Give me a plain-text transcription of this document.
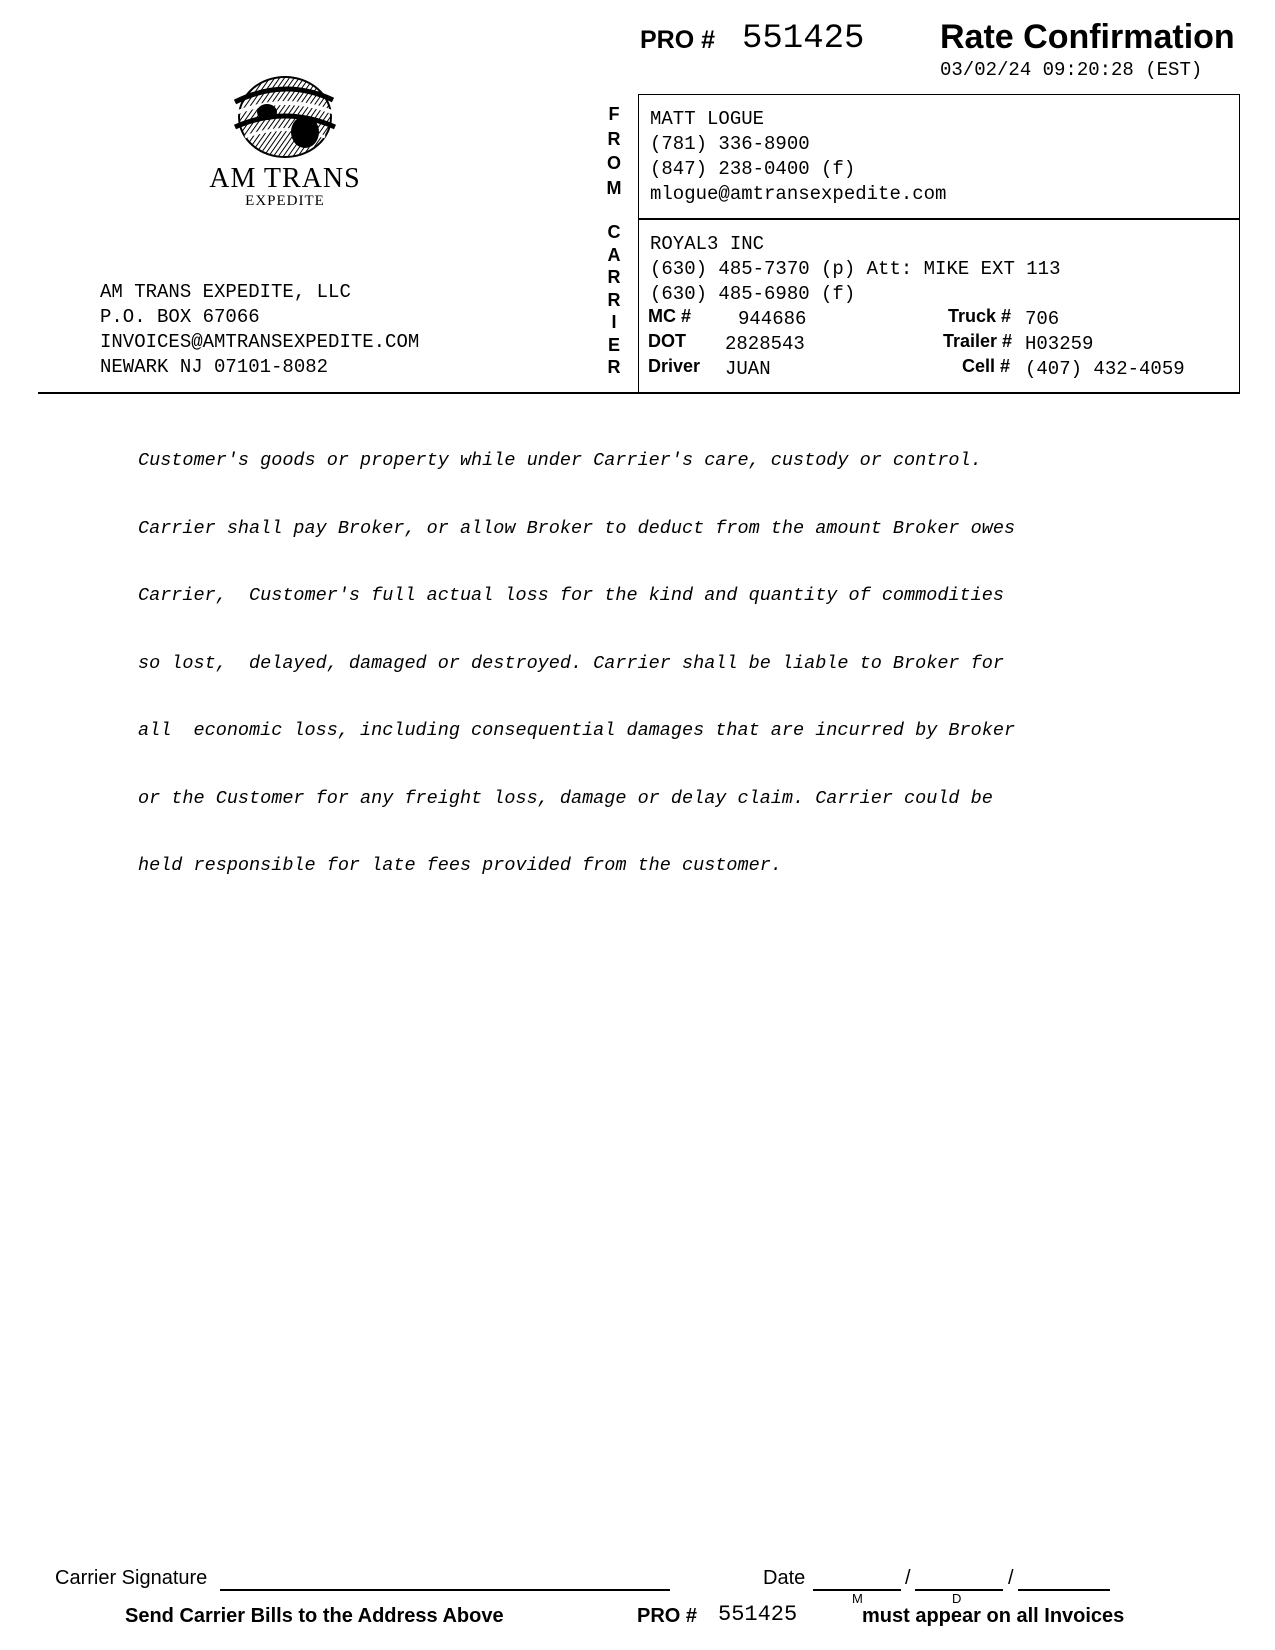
PRO # 551425 Rate Confirmation
03/02/24 09:20:28 (EST)
AM TRANS
EXPEDITE
AM TRANS EXPEDITE, LLC
P.O. BOX 67066
INVOICES@AMTRANSEXPEDITE.COM
NEWARK NJ 07101-8082
F
R
O
M
C
A
R
R
I
E
R
MATT LOGUE
(781) 336-8900
(847) 238-0400 (f)
mlogue@amtransexpedite.com
ROYAL3 INC
(630) 485-7370 (p) Att: MIKE EXT 113
(630) 485-6980 (f)
MC # 944686	Truck # 706
DOT 2828543	Trailer # H03259
Driver JUAN	Cell # (407) 432-4059

Customer's goods or property while under Carrier's care, custody or control.

Carrier shall pay Broker, or allow Broker to deduct from the amount Broker owes

Carrier,  Customer's full actual loss for the kind and quantity of commodities

so lost,  delayed, damaged or destroyed. Carrier shall be liable to Broker for

all  economic loss, including consequential damages that are incurred by Broker

or the Customer for any freight loss, damage or delay claim. Carrier could be

held responsible for late fees provided from the customer.

Carrier Signature	Date	/	/
M	D
Send Carrier Bills to the Address Above	PRO # 551425	must appear on all Invoices
